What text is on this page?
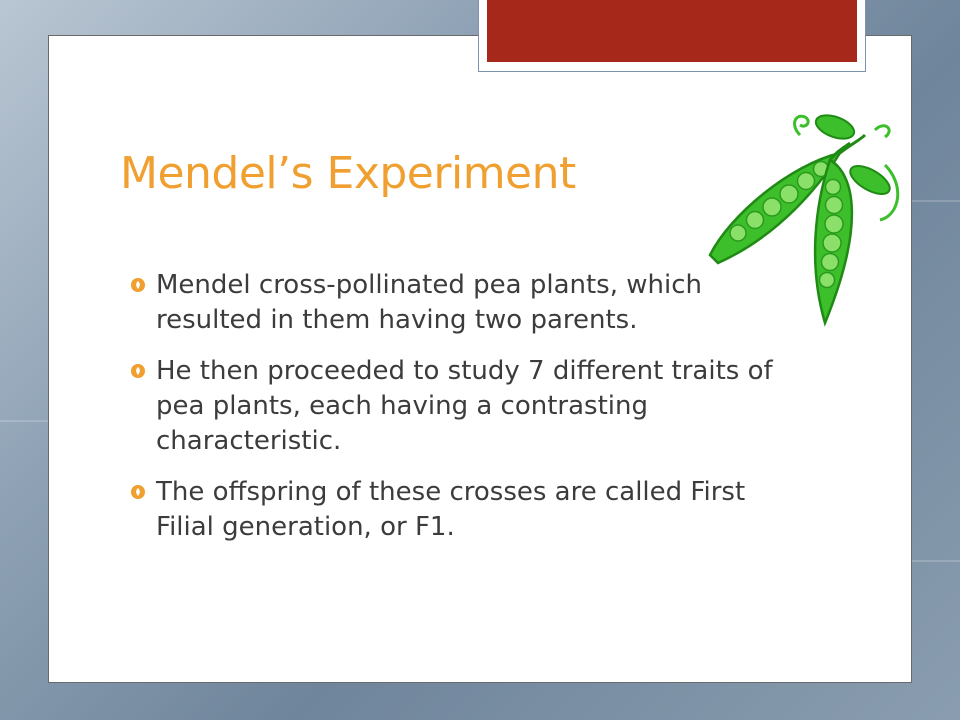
Mendel’s Experiment
Mendel cross-pollinated pea plants, which resulted in them having two parents.
He then proceeded to study 7 different traits of pea plants, each having a contrasting characteristic.
The offspring of these crosses are called First Filial generation, or F1.
